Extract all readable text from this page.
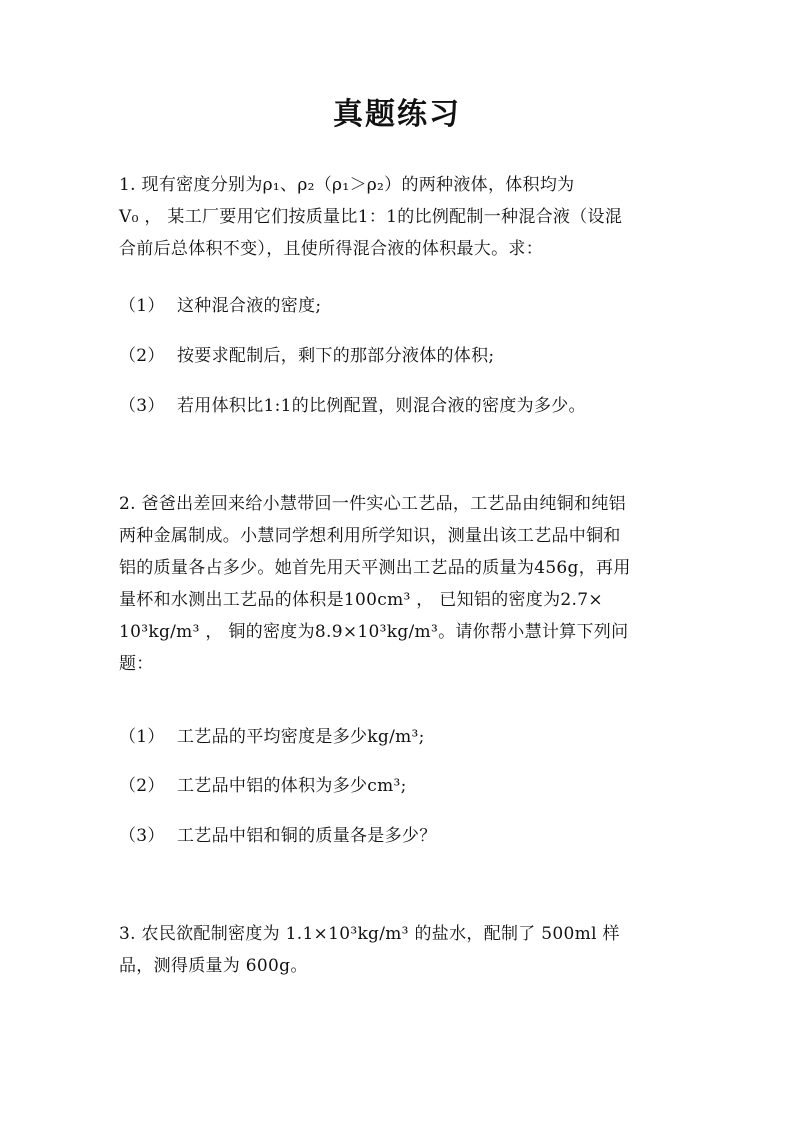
真题练习
1. 现有密度分别为ρ₁、ρ₂（ρ₁＞ρ₂）的两种液体，体积均为
V₀ ， 某工厂要用它们按质量比1：1的比例配制一种混合液（设混
合前后总体积不变），且使所得混合液的体积最大。求：
（1） 这种混合液的密度;
（2） 按要求配制后，剩下的那部分液体的体积;
（3） 若用体积比1:1的比例配置，则混合液的密度为多少。
2. 爸爸出差回来给小慧带回一件实心工艺品，工艺品由纯铜和纯铝
两种金属制成。小慧同学想利用所学知识，测量出该工艺品中铜和
铝的质量各占多少。她首先用天平测出工艺品的质量为456g，再用
量杯和水测出工艺品的体积是100cm³ ， 已知铝的密度为2.7×
10³kg/m³ ， 铜的密度为8.9×10³kg/m³。请你帮小慧计算下列问
题：
（1） 工艺品的平均密度是多少kg/m³;
（2） 工艺品中铝的体积为多少cm³;
（3） 工艺品中铝和铜的质量各是多少？
3. 农民欲配制密度为 1.1×10³kg/m³ 的盐水，配制了 500ml 样
品，测得质量为 600g。
